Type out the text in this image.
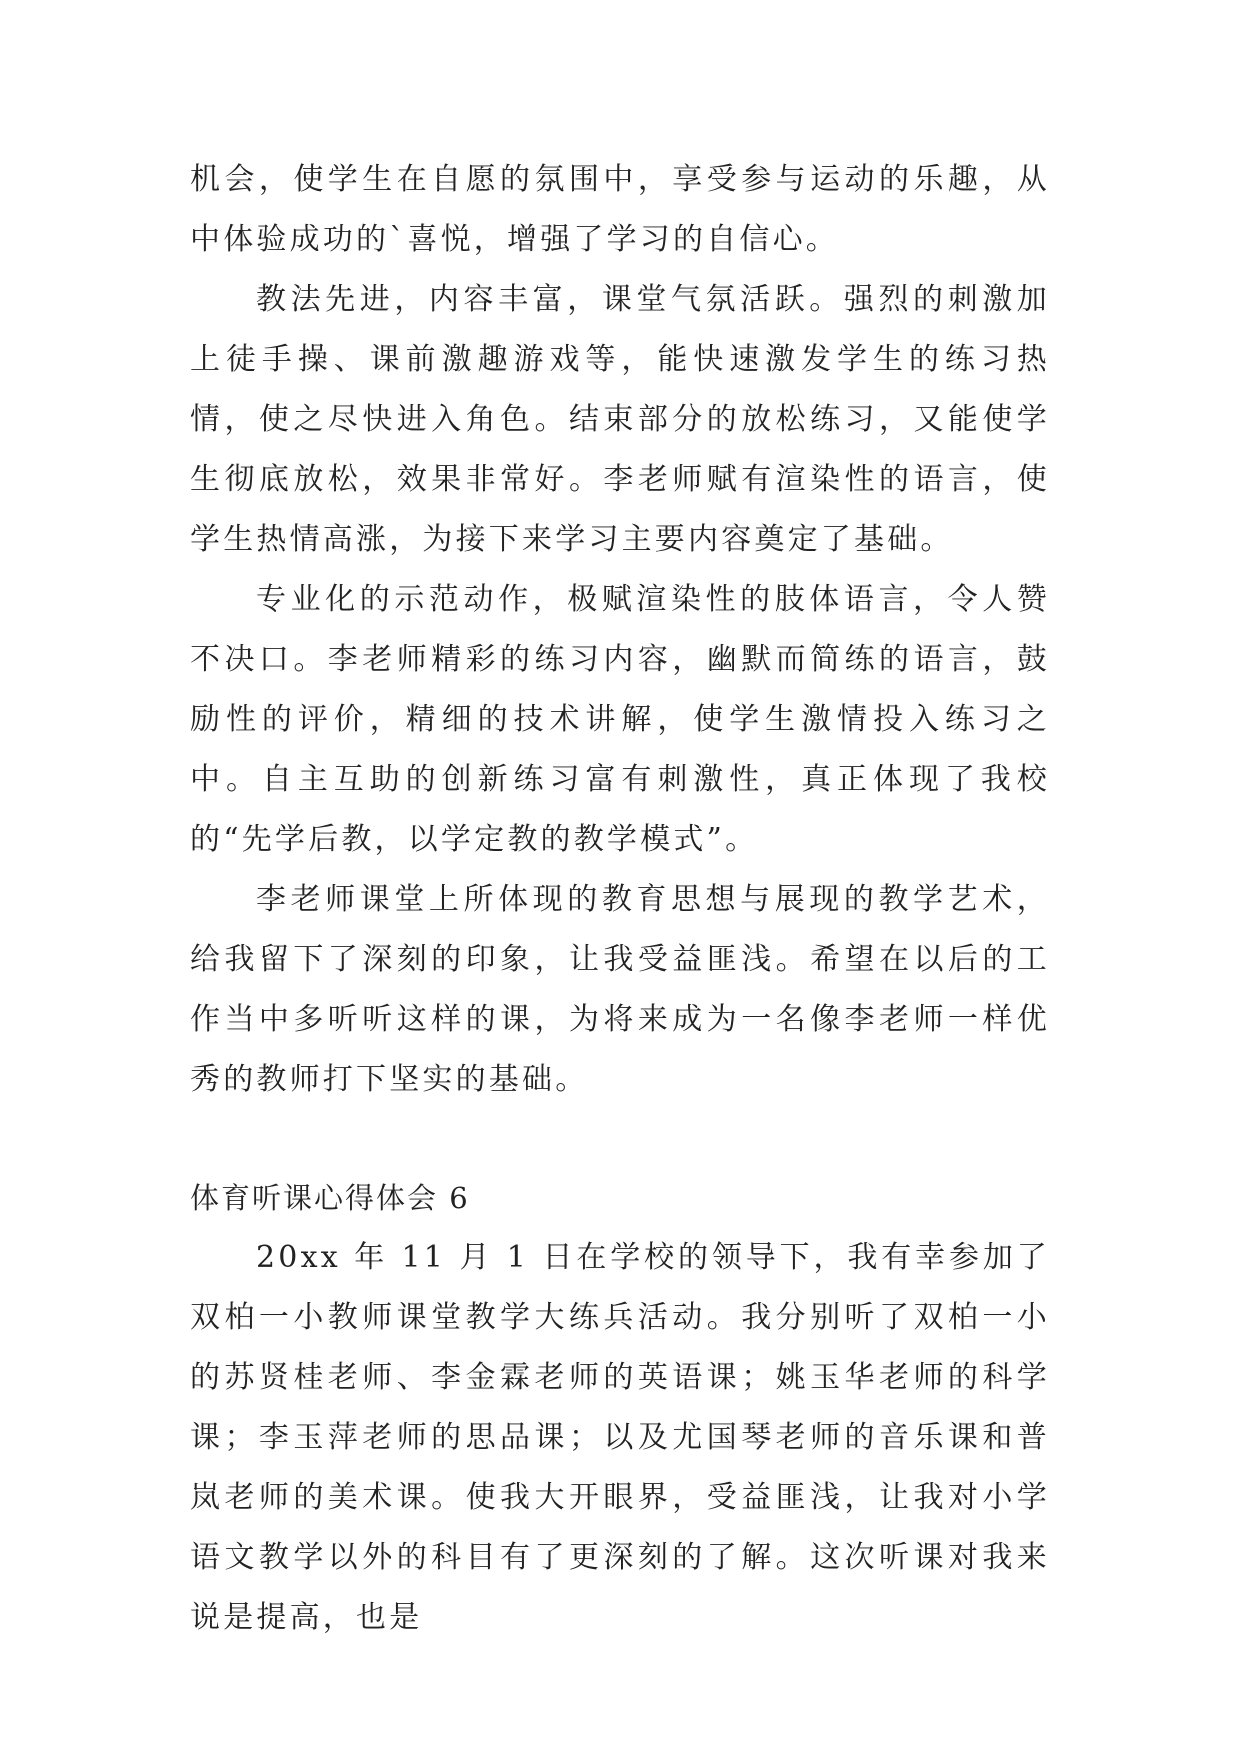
机会，使学生在自愿的氛围中，享受参与运动的乐趣，从中体验成功的`喜悦，增强了学习的自信心。

教法先进，内容丰富，课堂气氛活跃。强烈的刺激加上徒手操、课前激趣游戏等，能快速激发学生的练习热情，使之尽快进入角色。结束部分的放松练习，又能使学生彻底放松，效果非常好。李老师赋有渲染性的语言，使学生热情高涨，为接下来学习主要内容奠定了基础。

专业化的示范动作，极赋渲染性的肢体语言，令人赞不决口。李老师精彩的练习内容，幽默而简练的语言，鼓励性的评价，精细的技术讲解，使学生激情投入练习之中。自主互助的创新练习富有刺激性，真正体现了我校的“先学后教，以学定教的教学模式”。

李老师课堂上所体现的教育思想与展现的教学艺术，给我留下了深刻的印象，让我受益匪浅。希望在以后的工作当中多听听这样的课，为将来成为一名像李老师一样优秀的教师打下坚实的基础。

体育听课心得体会 6

20xx 年 11 月 1 日在学校的领导下，我有幸参加了双柏一小教师课堂教学大练兵活动。我分别听了双柏一小的苏贤桂老师、李金霖老师的英语课；姚玉华老师的科学课；李玉萍老师的思品课；以及尤国琴老师的音乐课和普岚老师的美术课。使我大开眼界，受益匪浅，让我对小学语文教学以外的科目有了更深刻的了解。这次听课对我来说是提高，也是
